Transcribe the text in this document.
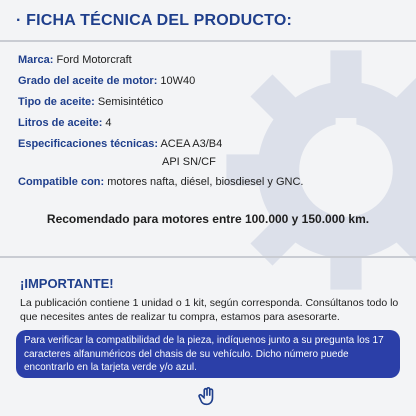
· FICHA TÉCNICA DEL PRODUCTO:
Marca: Ford Motorcraft
Grado del aceite de motor: 10W40
Tipo de aceite: Semisintético
Litros de aceite: 4
Especificaciones técnicas: ACEA A3/B4
API SN/CF
Compatible con: motores nafta, diésel, biosdiesel y GNC.
Recomendado para motores entre 100.000 y 150.000 km.
¡IMPORTANTE!
La publicación contiene 1 unidad o 1 kit, según corresponda. Consúltanos todo lo que necesites antes de realizar tu compra, estamos para asesorarte.
Para verificar la compatibilidad de la pieza, indíquenos junto a su pregunta los 17 caracteres alfanuméricos del chasis de su vehículo. Dicho número puede encontrarlo en la tarjeta verde y/o azul.
